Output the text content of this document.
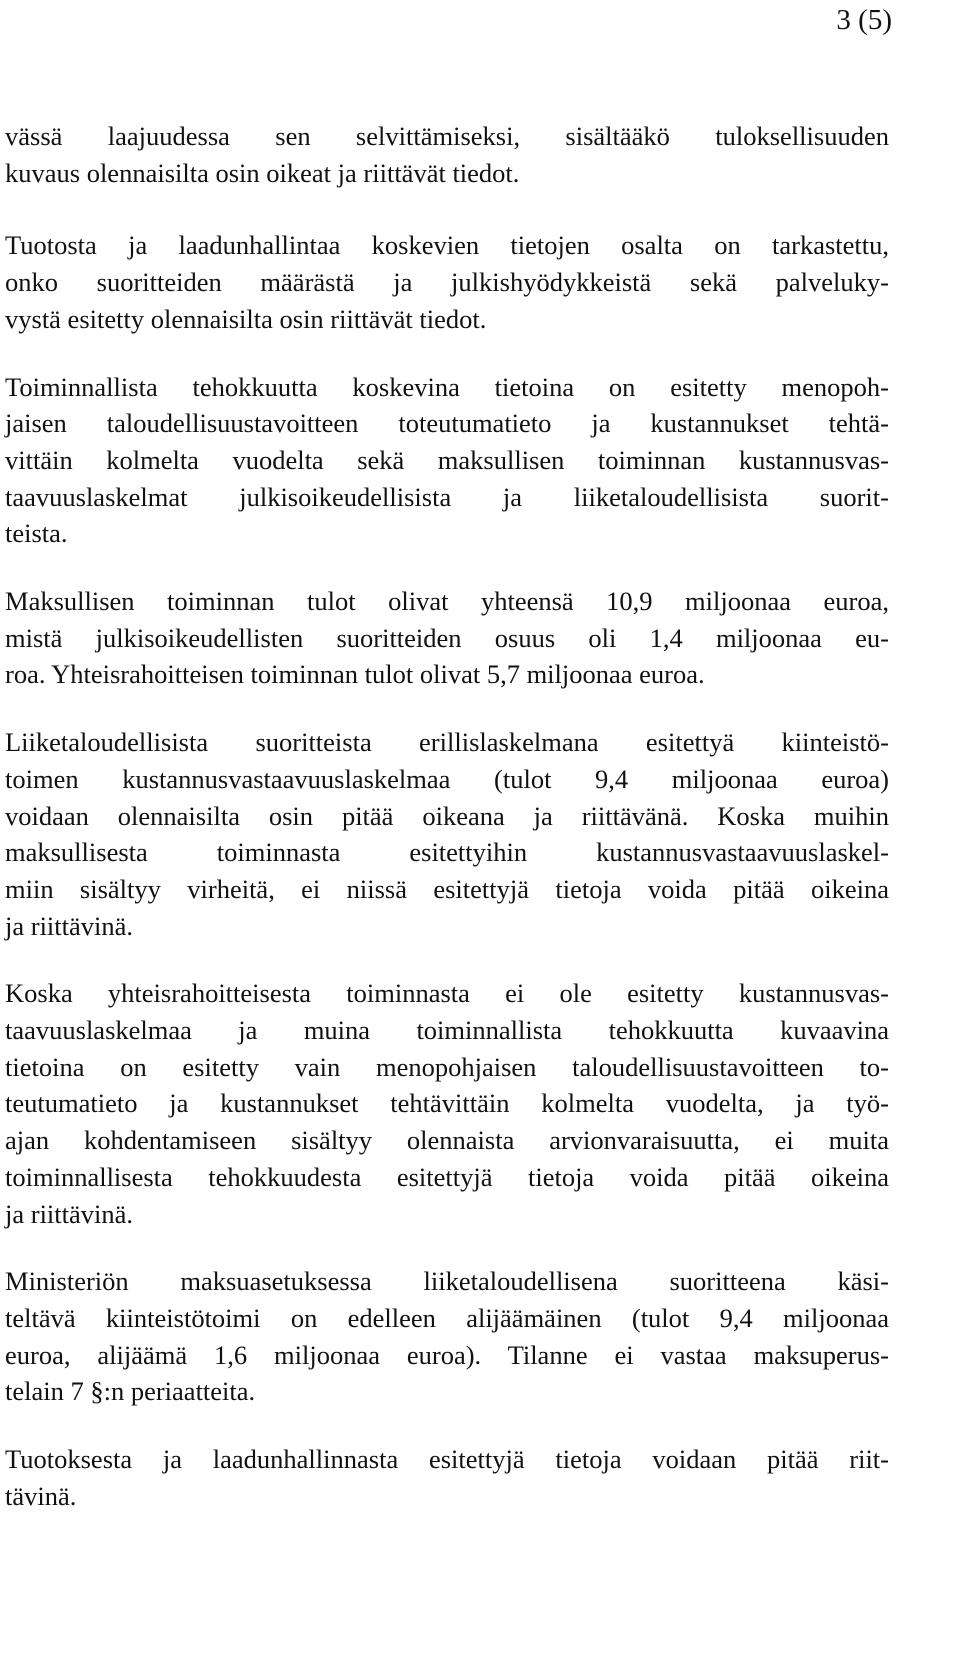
3 (5)

vässä laajuudessa sen selvittämiseksi, sisältääkö tuloksellisuuden
kuvaus olennaisilta osin oikeat ja riittävät tiedot.

Tuotosta ja laadunhallintaa koskevien tietojen osalta on tarkastettu,
onko suoritteiden määrästä ja julkishyödykkeistä sekä palveluky-
vystä esitetty olennaisilta osin riittävät tiedot.

Toiminnallista tehokkuutta koskevina tietoina on esitetty menopoh-
jaisen taloudellisuustavoitteen toteutumatieto ja kustannukset tehtä-
vittäin kolmelta vuodelta sekä maksullisen toiminnan kustannusvas-
taavuuslaskelmat julkisoikeudellisista ja liiketaloudellisista suorit-
teista.

Maksullisen toiminnan tulot olivat yhteensä 10,9 miljoonaa euroa,
mistä julkisoikeudellisten suoritteiden osuus oli 1,4 miljoonaa eu-
roa. Yhteisrahoitteisen toiminnan tulot olivat 5,7 miljoonaa euroa.

Liiketaloudellisista suoritteista erillislaskelmana esitettyä kiinteistö-
toimen kustannusvastaavuuslaskelmaa (tulot 9,4 miljoonaa euroa)
voidaan olennaisilta osin pitää oikeana ja riittävänä. Koska muihin
maksullisesta toiminnasta esitettyihin kustannusvastaavuuslaskel-
miin sisältyy virheitä, ei niissä esitettyjä tietoja voida pitää oikeina
ja riittävinä.

Koska yhteisrahoitteisesta toiminnasta ei ole esitetty kustannusvas-
taavuuslaskelmaa ja muina toiminnallista tehokkuutta kuvaavina
tietoina on esitetty vain menopohjaisen taloudellisuustavoitteen to-
teutumatieto ja kustannukset tehtävittäin kolmelta vuodelta, ja työ-
ajan kohdentamiseen sisältyy olennaista arvionvaraisuutta, ei muita
toiminnallisesta tehokkuudesta esitettyjä tietoja voida pitää oikeina
ja riittävinä.

Ministeriön maksuasetuksessa liiketaloudellisena suoritteena käsi-
teltävä kiinteistötoimi on edelleen alijäämäinen (tulot 9,4 miljoonaa
euroa, alijäämä 1,6 miljoonaa euroa). Tilanne ei vastaa maksuperus-
telain 7 §:n periaatteita.

Tuotoksesta ja laadunhallinnasta esitettyjä tietoja voidaan pitää riit-
tävinä.
